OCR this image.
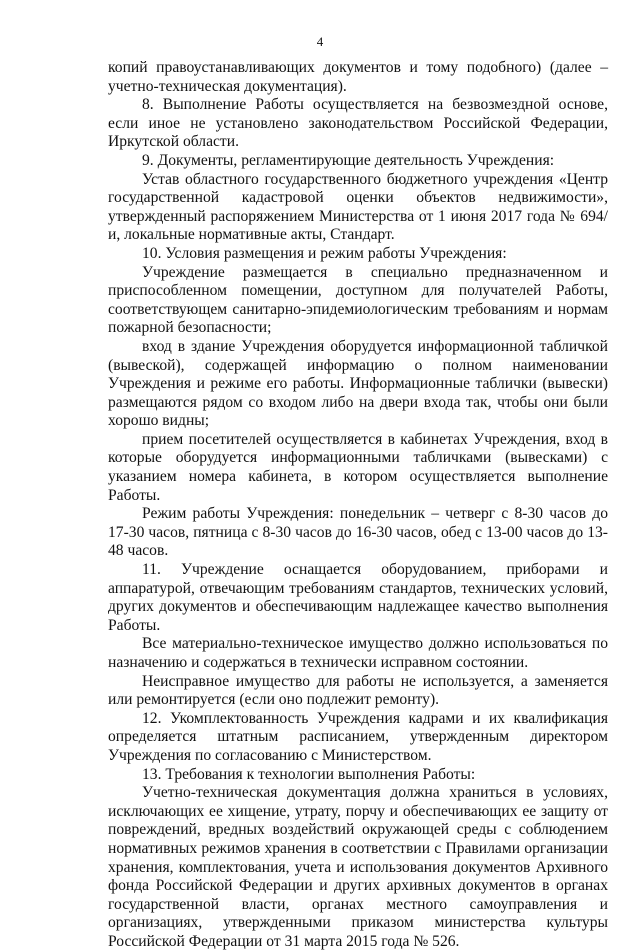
4

копий правоустанавливающих документов и тому подобного) (далее – учетно-техническая документация).

8. Выполнение Работы осуществляется на безвозмездной основе, если иное не установлено законодательством Российской Федерации, Иркутской области.

9. Документы, регламентирующие деятельность Учреждения:

Устав областного государственного бюджетного учреждения «Центр государственной кадастровой оценки объектов недвижимости», утвержденный распоряжением Министерства от 1 июня 2017 года № 694/и, локальные нормативные акты, Стандарт.

10. Условия размещения и режим работы Учреждения:

Учреждение размещается в специально предназначенном и приспособленном помещении, доступном для получателей Работы, соответствующем санитарно-эпидемиологическим требованиям и нормам пожарной безопасности;

вход в здание Учреждения оборудуется информационной табличкой (вывеской), содержащей информацию о полном наименовании Учреждения и режиме его работы. Информационные таблички (вывески) размещаются рядом со входом либо на двери входа так, чтобы они были хорошо видны;

прием посетителей осуществляется в кабинетах Учреждения, вход в которые оборудуется информационными табличками (вывесками) с указанием номера кабинета, в котором осуществляется выполнение Работы.

Режим работы Учреждения: понедельник – четверг с 8-30 часов до 17-30 часов, пятница с 8-30 часов до 16-30 часов, обед с 13-00 часов до 13-48 часов.

11. Учреждение оснащается оборудованием, приборами и аппаратурой, отвечающим требованиям стандартов, технических условий, других документов и обеспечивающим надлежащее качество выполнения Работы.

Все материально-техническое имущество должно использоваться по назначению и содержаться в технически исправном состоянии.

Неисправное имущество для работы не используется, а заменяется или ремонтируется (если оно подлежит ремонту).

12. Укомплектованность Учреждения кадрами и их квалификация определяется штатным расписанием, утвержденным директором Учреждения по согласованию с Министерством.

13. Требования к технологии выполнения Работы:

Учетно-техническая документация должна храниться в условиях, исключающих ее хищение, утрату, порчу и обеспечивающих ее защиту от повреждений, вредных воздействий окружающей среды с соблюдением нормативных режимов хранения в соответствии с Правилами организации хранения, комплектования, учета и использования документов Архивного фонда Российской Федерации и других архивных документов в органах государственной власти, органах местного самоуправления и организациях, утвержденными приказом министерства культуры Российской Федерации от 31 марта 2015 года № 526.
